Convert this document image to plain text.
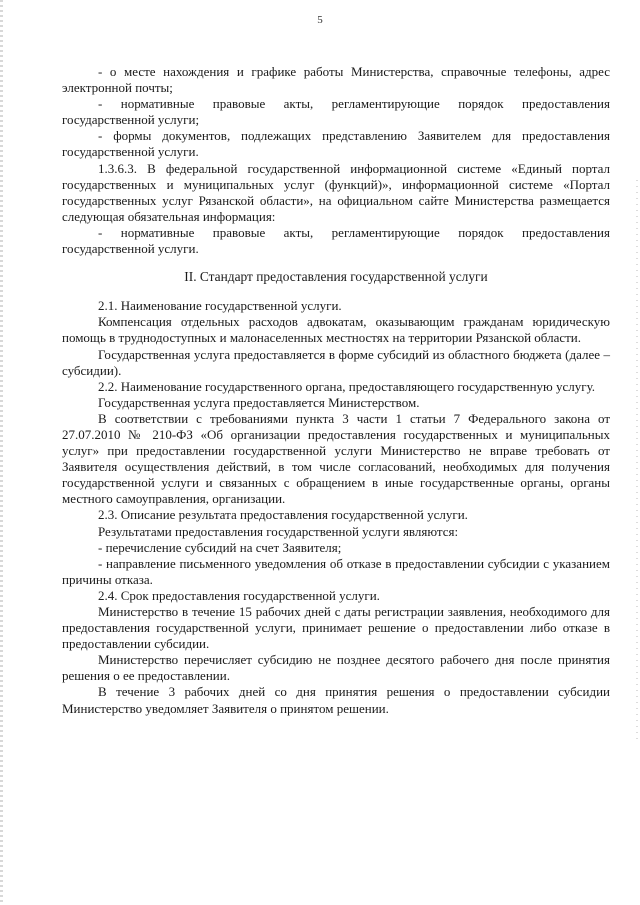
5

- о месте нахождения и графике работы Министерства, справочные телефоны, адрес электронной почты;

- нормативные правовые акты, регламентирующие порядок предоставления государственной услуги;

- формы документов, подлежащих представлению Заявителем для предоставления государственной услуги.

1.3.6.3. В федеральной государственной информационной системе «Единый портал государственных и муниципальных услуг (функций)», информационной системе «Портал государственных услуг Рязанской области», на официальном сайте Министерства размещается следующая обязательная информация:

- нормативные правовые акты, регламентирующие порядок предоставления государственной услуги.

II. Стандарт предоставления государственной услуги

2.1. Наименование государственной услуги.

Компенсация отдельных расходов адвокатам, оказывающим гражданам юридическую помощь в труднодоступных и малонаселенных местностях на территории Рязанской области.

Государственная услуга предоставляется в форме субсидий из областного бюджета (далее – субсидии).

2.2. Наименование государственного органа, предоставляющего государственную услугу.

Государственная услуга предоставляется Министерством.

В соответствии с требованиями пункта 3 части 1 статьи 7 Федерального закона от 27.07.2010 № 210-ФЗ «Об организации предоставления государственных и муниципальных услуг» при предоставлении государственной услуги Министерство не вправе требовать от Заявителя осуществления действий, в том числе согласований, необходимых для получения государственной услуги и связанных с обращением в иные государственные органы, органы местного самоуправления, организации.

2.3. Описание результата предоставления государственной услуги.

Результатами предоставления государственной услуги являются:

- перечисление субсидий на счет Заявителя;

- направление письменного уведомления об отказе в предоставлении субсидии с указанием причины отказа.

2.4. Срок предоставления государственной услуги.

Министерство в течение 15 рабочих дней с даты регистрации заявления, необходимого для предоставления государственной услуги, принимает решение о предоставлении либо отказе в предоставлении субсидии.

Министерство перечисляет субсидию не позднее десятого рабочего дня после принятия решения о ее предоставлении.

В течение 3 рабочих дней со дня принятия решения о предоставлении субсидии Министерство уведомляет Заявителя о принятом решении.
